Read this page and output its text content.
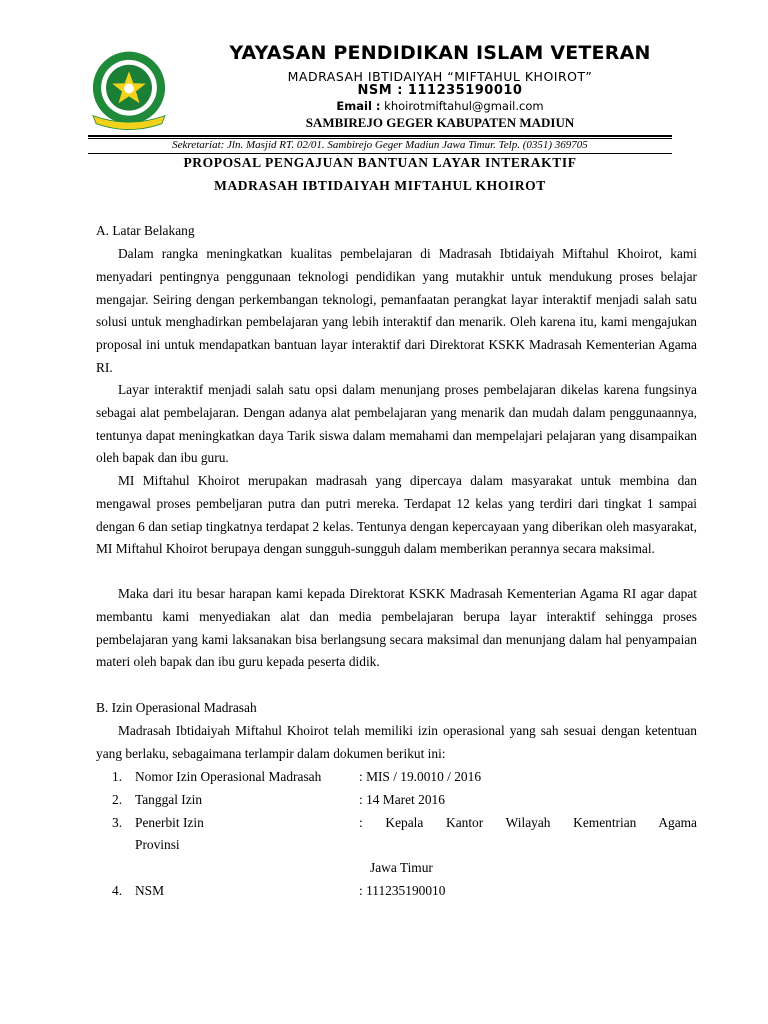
YAYASAN PENDIDIKAN ISLAM VETERAN
MADRASAH IBTIDAIYAH “MIFTAHUL KHOIROT”
NSM : 111235190010
Email : khoirotmiftahul@gmail.com
SAMBIREJO GEGER KABUPATEN MADIUN
Sekretariat: Jln. Masjid RT. 02/01. Sambirejo Geger Madiun Jawa Timur. Telp. (0351) 369705
PROPOSAL PENGAJUAN BANTUAN LAYAR INTERAKTIF
MADRASAH IBTIDAIYAH MIFTAHUL KHOIROT
A. Latar Belakang
Dalam rangka meningkatkan kualitas pembelajaran di Madrasah Ibtidaiyah Miftahul Khoirot, kami menyadari pentingnya penggunaan teknologi pendidikan yang mutakhir untuk mendukung proses belajar mengajar. Seiring dengan perkembangan teknologi, pemanfaatan perangkat layar interaktif menjadi salah satu solusi untuk menghadirkan pembelajaran yang lebih interaktif dan menarik. Oleh karena itu, kami mengajukan proposal ini untuk mendapatkan bantuan layar interaktif dari Direktorat KSKK Madrasah Kementerian Agama RI.
Layar interaktif menjadi salah satu opsi dalam menunjang proses pembelajaran dikelas karena fungsinya sebagai alat pembelajaran. Dengan adanya alat pembelajaran yang menarik dan mudah dalam penggunaannya, tentunya dapat meningkatkan daya Tarik siswa dalam memahami dan mempelajari pelajaran yang disampaikan oleh bapak dan ibu guru.
MI Miftahul Khoirot merupakan madrasah yang dipercaya dalam masyarakat untuk membina dan mengawal proses pembeljaran putra dan putri mereka. Terdapat 12 kelas yang terdiri dari tingkat 1 sampai dengan 6 dan setiap tingkatnya terdapat 2 kelas. Tentunya dengan kepercayaan yang diberikan oleh masyarakat, MI Miftahul Khoirot berupaya dengan sungguh-sungguh dalam memberikan perannya secara maksimal.
Maka dari itu besar harapan kami kepada Direktorat KSKK Madrasah Kementerian Agama RI agar dapat membantu kami menyediakan alat dan media pembelajaran berupa layar interaktif sehingga proses pembelajaran yang kami laksanakan bisa berlangsung secara maksimal dan menunjang dalam hal penyampaian materi oleh bapak dan ibu guru kepada peserta didik.
B. Izin Operasional Madrasah
Madrasah Ibtidaiyah Miftahul Khoirot telah memiliki izin operasional yang sah sesuai dengan ketentuan yang berlaku, sebagaimana terlampir dalam dokumen berikut ini:
1. Nomor Izin Operasional Madrasah	: MIS / 19.0010 / 2016
2. Tanggal Izin	: 14 Maret 2016
3. Penerbit Izin	: Kepala Kantor Wilayah Kementrian Agama
Provinsi
Jawa Timur
4. NSM	: 111235190010
